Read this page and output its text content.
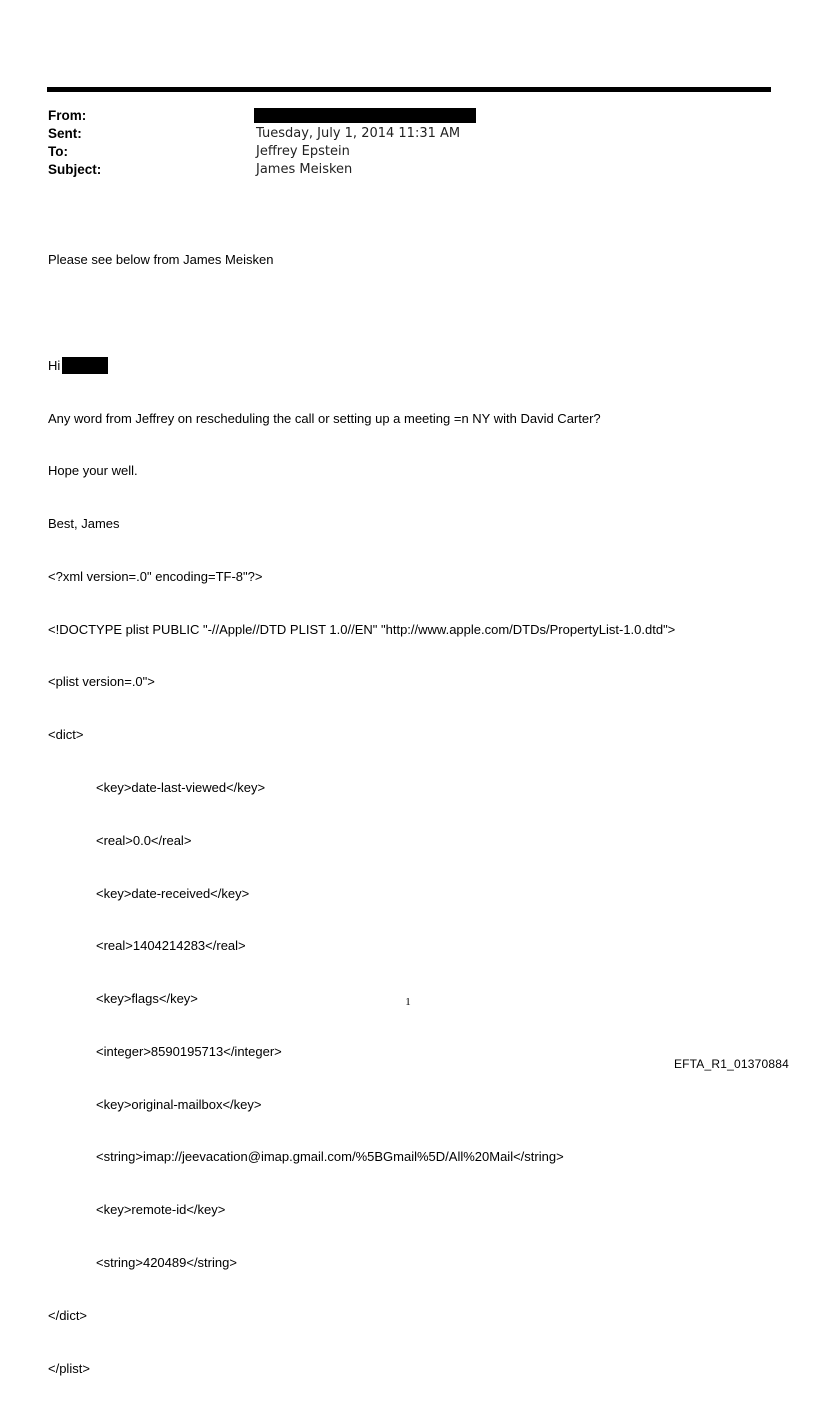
From:
Sent:	Tuesday, July 1, 2014 11:31 AM
To:	Jeffrey Epstein
Subject:	James Meisken

Please see below from James Meisken

Hi

Any word from Jeffrey on rescheduling the call or setting up a meeting =n NY with David Carter?

Hope your well.

Best, James

<?xml version=.0" encoding=TF-8"?>

<!DOCTYPE plist PUBLIC "-//Apple//DTD PLIST 1.0//EN" "http://www.apple.com/DTDs/PropertyList-1.0.dtd">

<plist version=.0">

<dict>

<key>date-last-viewed</key>

<real>0.0</real>

<key>date-received</key>

<real>1404214283</real>

<key>flags</key>

<integer>8590195713</integer>

<key>original-mailbox</key>

<string>imap://jeevacation@imap.gmail.com/%5BGmail%5D/All%20Mail</string>

<key>remote-id</key>

<string>420489</string>

</dict>

</plist>

1
EFTA_R1_01370884
